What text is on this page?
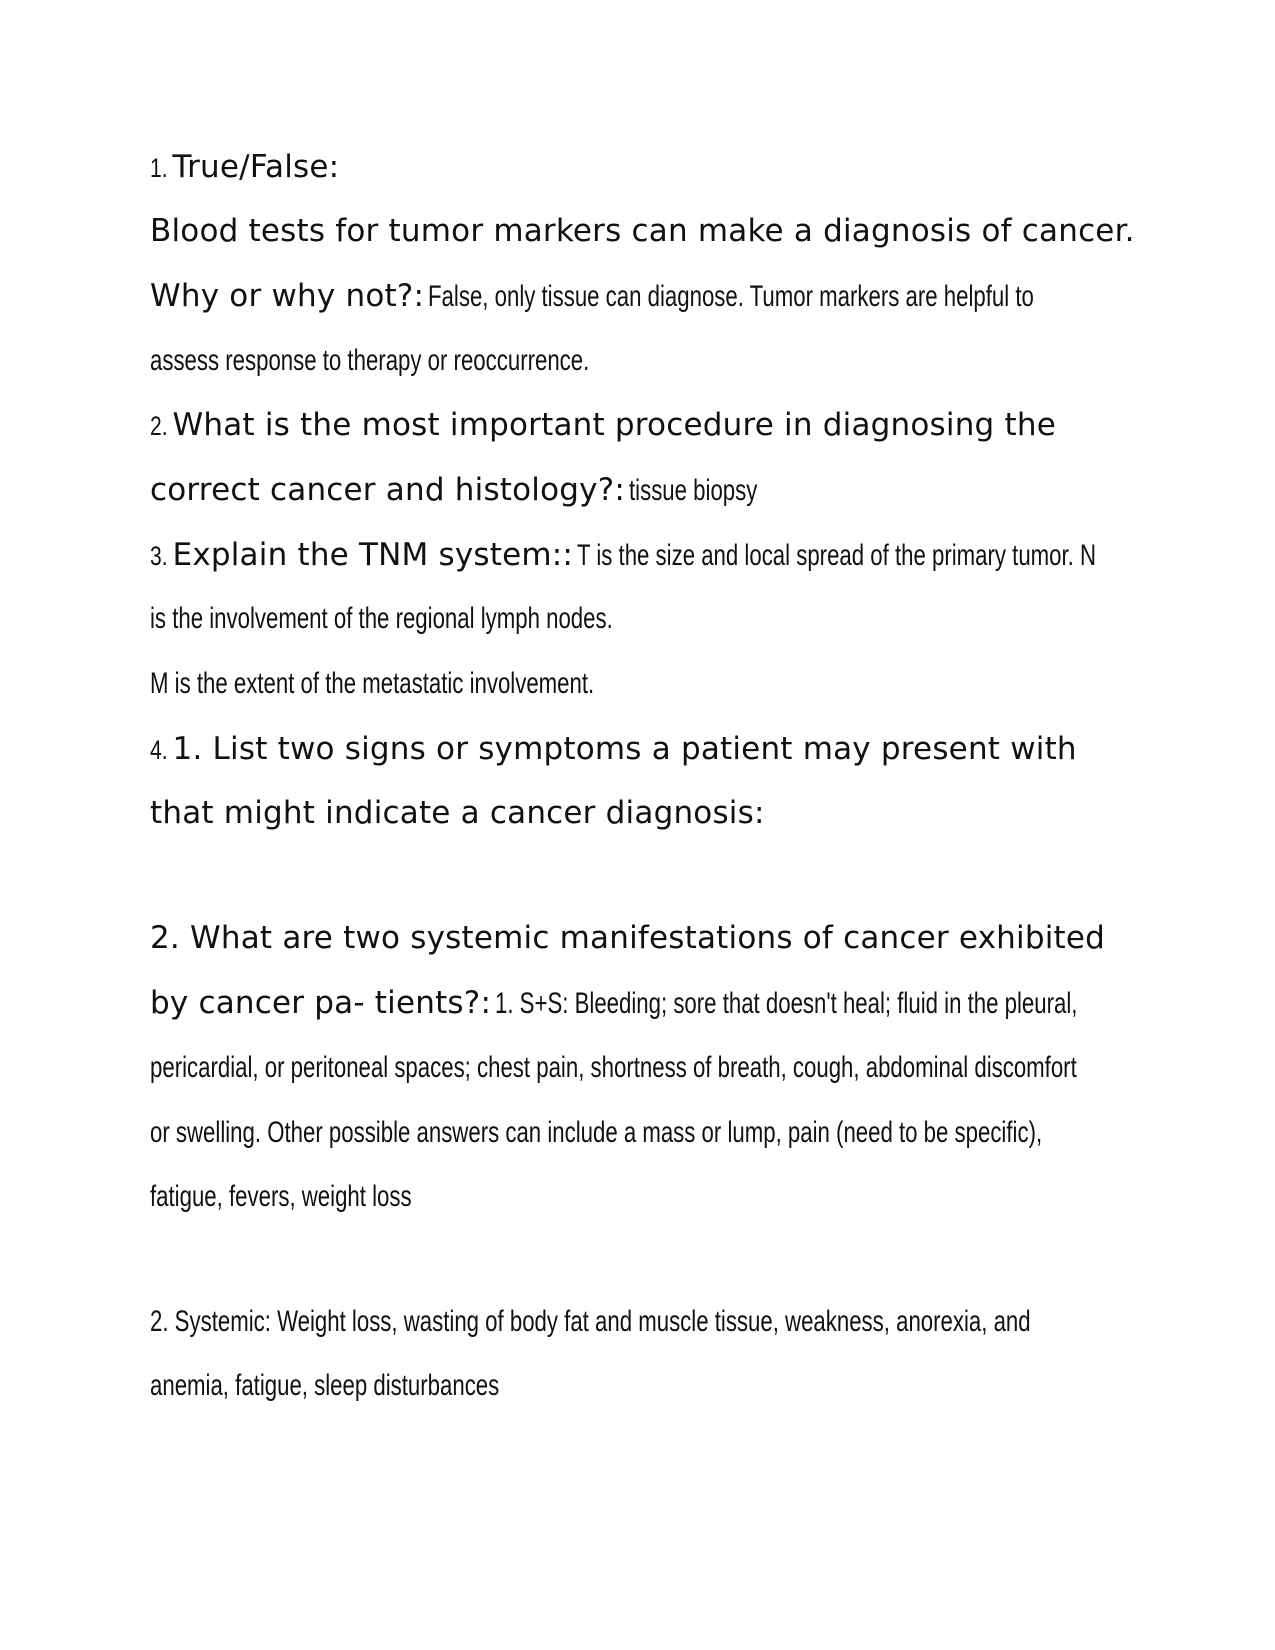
1. True/False:
Blood tests for tumor markers can make a diagnosis of cancer.
Why or why not?: False, only tissue can diagnose. Tumor markers are helpful to
assess response to therapy or reoccurrence.
2. What is the most important procedure in diagnosing the
correct cancer and histology?: tissue biopsy
3. Explain the TNM system:: T is the size and local spread of the primary tumor. N
is the involvement of the regional lymph nodes.
M is the extent of the metastatic involvement.
4. 1. List two signs or symptoms a patient may present with
that might indicate a cancer diagnosis:
2. What are two systemic manifestations of cancer exhibited
by cancer pa- tients?: 1. S+S: Bleeding; sore that doesn't heal; fluid in the pleural,
pericardial, or peritoneal spaces; chest pain, shortness of breath, cough, abdominal discomfort
or swelling. Other possible answers can include a mass or lump, pain (need to be specific),
fatigue, fevers, weight loss
2. Systemic: Weight loss, wasting of body fat and muscle tissue, weakness, anorexia, and
anemia, fatigue, sleep disturbances
